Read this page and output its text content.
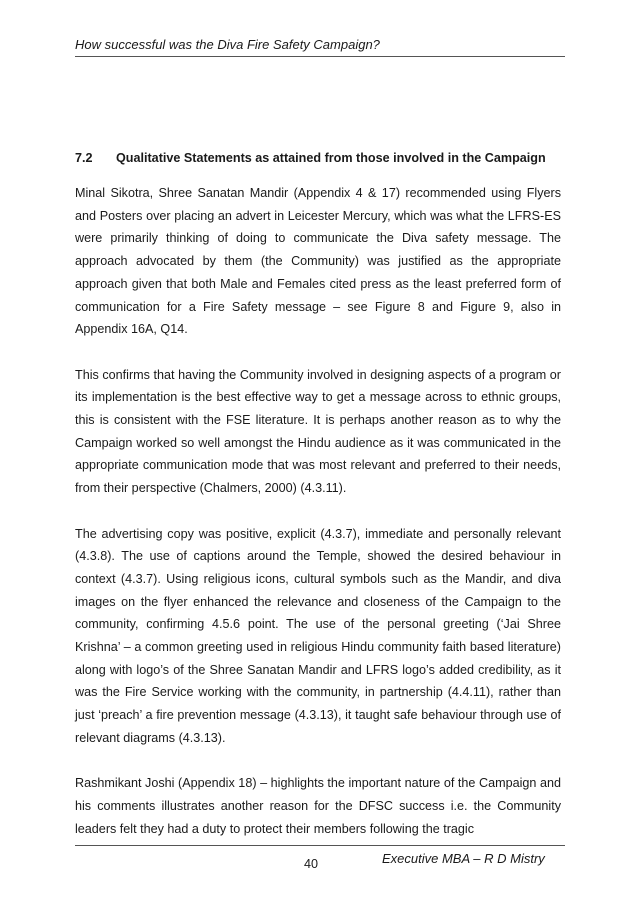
How successful was the Diva Fire Safety Campaign?
7.2 Qualitative Statements as attained from those involved in the Campaign

Minal Sikotra, Shree Sanatan Mandir (Appendix 4 & 17) recommended using Flyers and Posters over placing an advert in Leicester Mercury, which was what the LFRS-ES were primarily thinking of doing to communicate the Diva safety message. The approach advocated by them (the Community) was justified as the appropriate approach given that both Male and Females cited press as the least preferred form of communication for a Fire Safety message – see Figure 8 and Figure 9, also in Appendix 16A, Q14.

This confirms that having the Community involved in designing aspects of a program or its implementation is the best effective way to get a message across to ethnic groups, this is consistent with the FSE literature. It is perhaps another reason as to why the Campaign worked so well amongst the Hindu audience as it was communicated in the appropriate communication mode that was most relevant and preferred to their needs, from their perspective (Chalmers, 2000) (4.3.11).

The advertising copy was positive, explicit (4.3.7), immediate and personally relevant (4.3.8). The use of captions around the Temple, showed the desired behaviour in context (4.3.7). Using religious icons, cultural symbols such as the Mandir, and diva images on the flyer enhanced the relevance and closeness of the Campaign to the community, confirming 4.5.6 point. The use of the personal greeting (‘Jai Shree Krishna’ – a common greeting used in religious Hindu community faith based literature) along with logo’s of the Shree Sanatan Mandir and LFRS logo’s added credibility, as it was the Fire Service working with the community, in partnership (4.4.11), rather than just ‘preach’ a fire prevention message (4.3.13), it taught safe behaviour through use of relevant diagrams (4.3.13).

Rashmikant Joshi (Appendix 18) – highlights the important nature of the Campaign and his comments illustrates another reason for the DFSC success i.e. the Community leaders felt they had a duty to protect their members following the tragic

40	Executive MBA – R D Mistry
